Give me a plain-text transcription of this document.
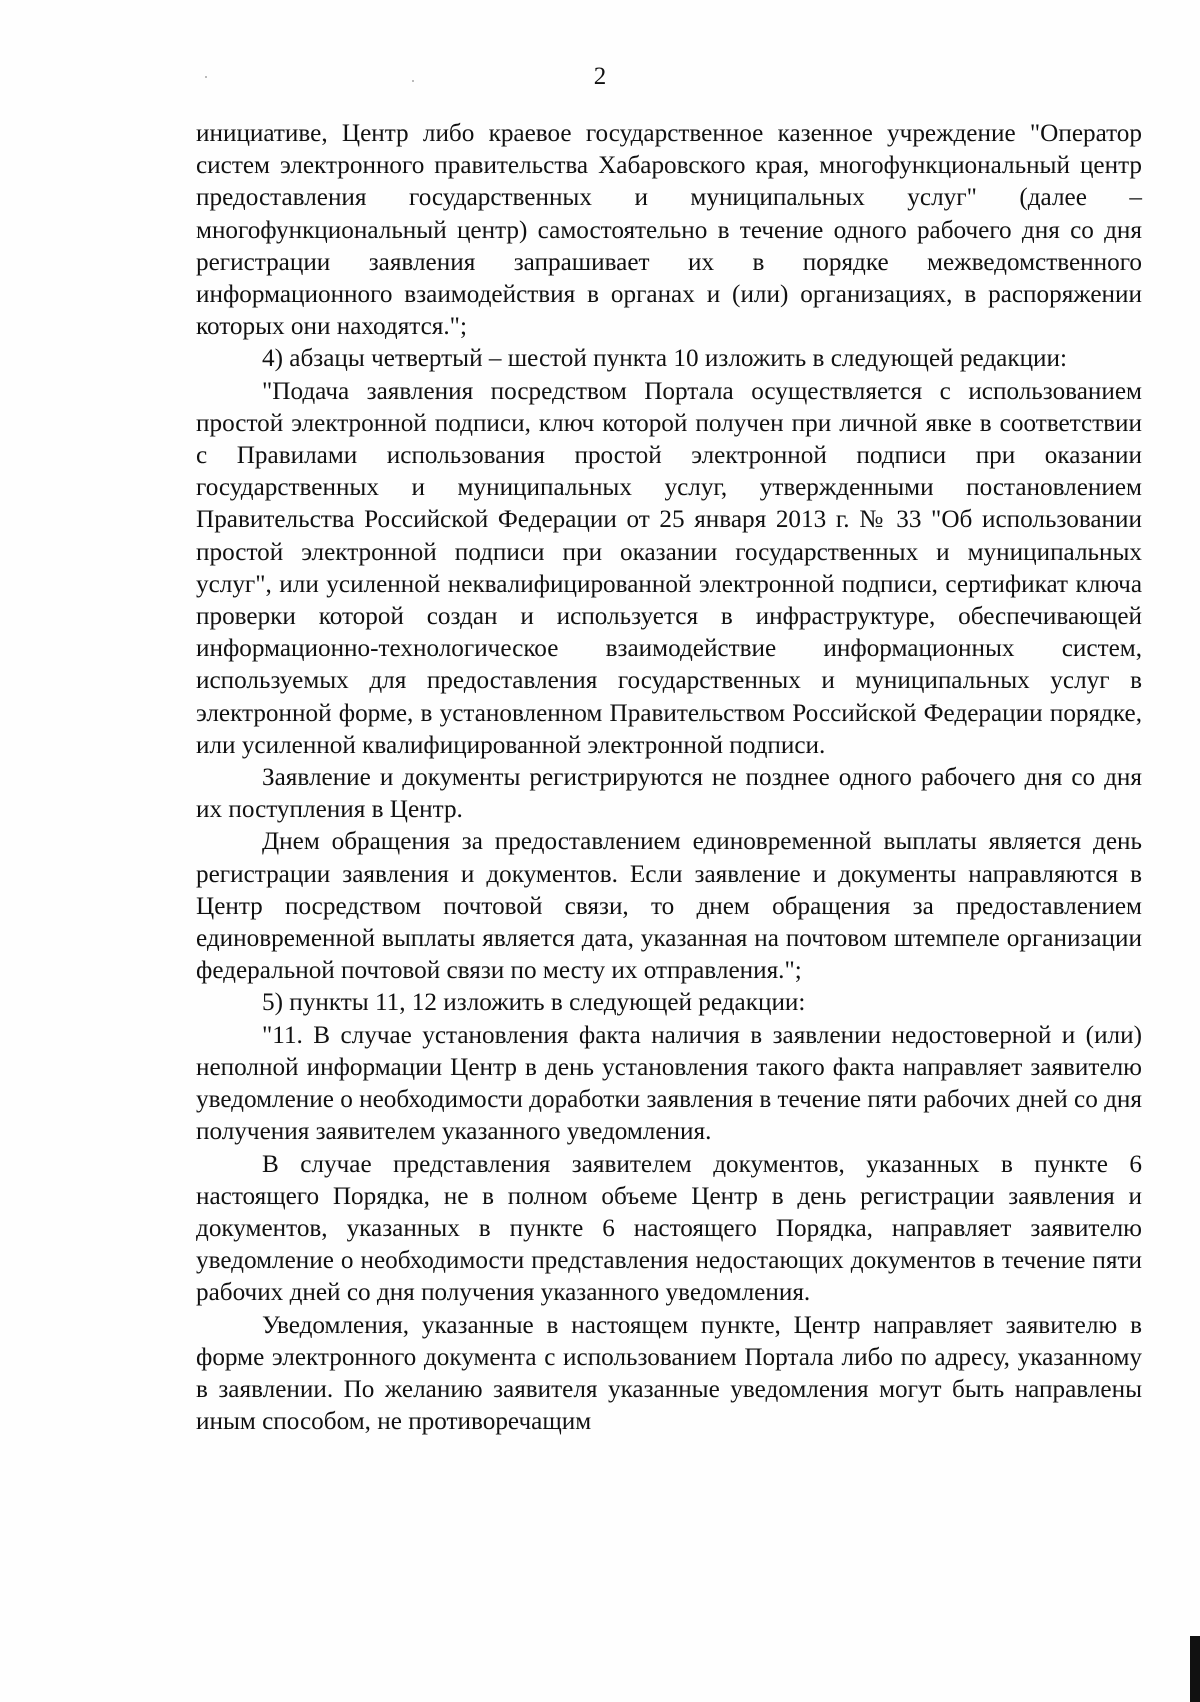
2

инициативе, Центр либо краевое государственное казенное учреждение "Оператор систем электронного правительства Хабаровского края, многофункциональный центр предоставления государственных и муниципальных услуг" (далее – многофункциональный центр) самостоятельно в течение одного рабочего дня со дня регистрации заявления запрашивает их в порядке межведомственного информационного взаимодействия в органах и (или) организациях, в распоряжении которых они находятся.";

4) абзацы четвертый – шестой пункта 10 изложить в следующей редакции:

"Подача заявления посредством Портала осуществляется с использованием простой электронной подписи, ключ которой получен при личной явке в соответствии с Правилами использования простой электронной подписи при оказании государственных и муниципальных услуг, утвержденными постановлением Правительства Российской Федерации от 25 января 2013 г. № 33 "Об использовании простой электронной подписи при оказании государственных и муниципальных услуг", или усиленной неквалифицированной электронной подписи, сертификат ключа проверки которой создан и используется в инфраструктуре, обеспечивающей информационно-технологическое взаимодействие информационных систем, используемых для предоставления государственных и муниципальных услуг в электронной форме, в установленном Правительством Российской Федерации порядке, или усиленной квалифицированной электронной подписи.

Заявление и документы регистрируются не позднее одного рабочего дня со дня их поступления в Центр.

Днем обращения за предоставлением единовременной выплаты является день регистрации заявления и документов. Если заявление и документы направляются в Центр посредством почтовой связи, то днем обращения за предоставлением единовременной выплаты является дата, указанная на почтовом штемпеле организации федеральной почтовой связи по месту их отправления.";

5) пункты 11, 12 изложить в следующей редакции:

"11. В случае установления факта наличия в заявлении недостоверной и (или) неполной информации Центр в день установления такого факта направляет заявителю уведомление о необходимости доработки заявления в течение пяти рабочих дней со дня получения заявителем указанного уведомления.

В случае представления заявителем документов, указанных в пункте 6 настоящего Порядка, не в полном объеме Центр в день регистрации заявления и документов, указанных в пункте 6 настоящего Порядка, направляет заявителю уведомление о необходимости представления недостающих документов в течение пяти рабочих дней со дня получения указанного уведомления.

Уведомления, указанные в настоящем пункте, Центр направляет заявителю в форме электронного документа с использованием Портала либо по адресу, указанному в заявлении. По желанию заявителя указанные уведомления могут быть направлены иным способом, не противоречащим
